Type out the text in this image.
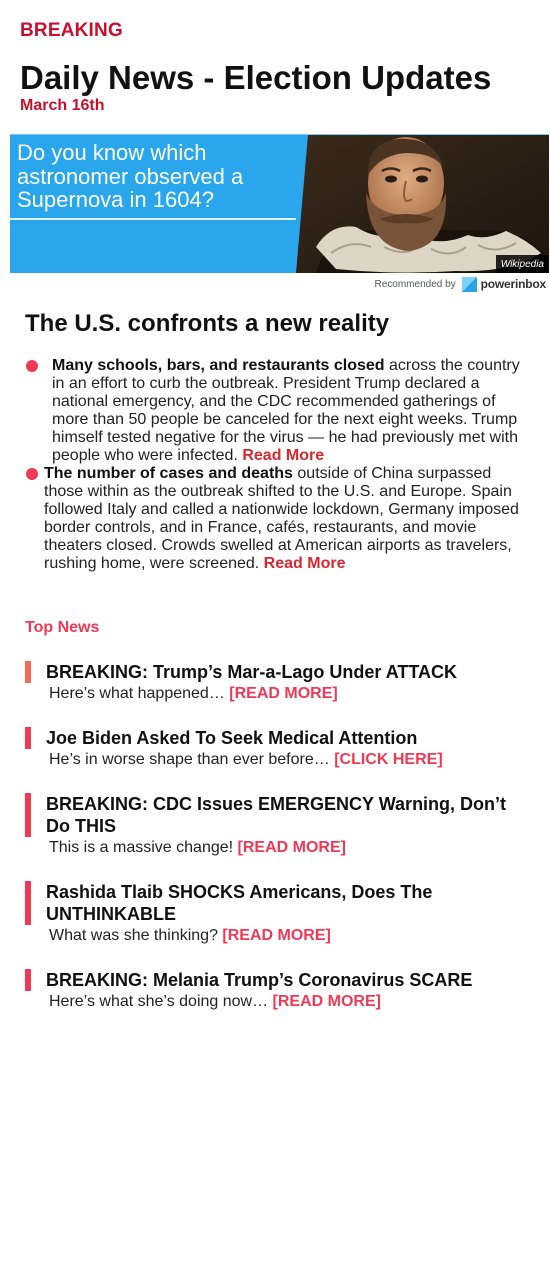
BREAKING
Daily News - Election Updates
March 16th
Do you know which astronomer observed a Supernova in 1604?
Wikipedia
Recommended by powerinbox
The U.S. confronts a new reality
Many schools, bars, and restaurants closed across the country in an effort to curb the outbreak. President Trump declared a national emergency, and the CDC recommended gatherings of more than 50 people be canceled for the next eight weeks. Trump himself tested negative for the virus — he had previously met with people who were infected. Read More
The number of cases and deaths outside of China surpassed those within as the outbreak shifted to the U.S. and Europe. Spain followed Italy and called a nationwide lockdown, Germany imposed border controls, and in France, cafés, restaurants, and movie theaters closed. Crowds swelled at American airports as travelers, rushing home, were screened. Read More
Top News
BREAKING: Trump’s Mar-a-Lago Under ATTACK
Here’s what happened… [READ MORE]
Joe Biden Asked To Seek Medical Attention
He’s in worse shape than ever before… [CLICK HERE]
BREAKING: CDC Issues EMERGENCY Warning, Don’t Do THIS
This is a massive change! [READ MORE]
Rashida Tlaib SHOCKS Americans, Does The UNTHINKABLE
What was she thinking? [READ MORE]
BREAKING: Melania Trump’s Coronavirus SCARE
Here’s what she’s doing now… [READ MORE]
